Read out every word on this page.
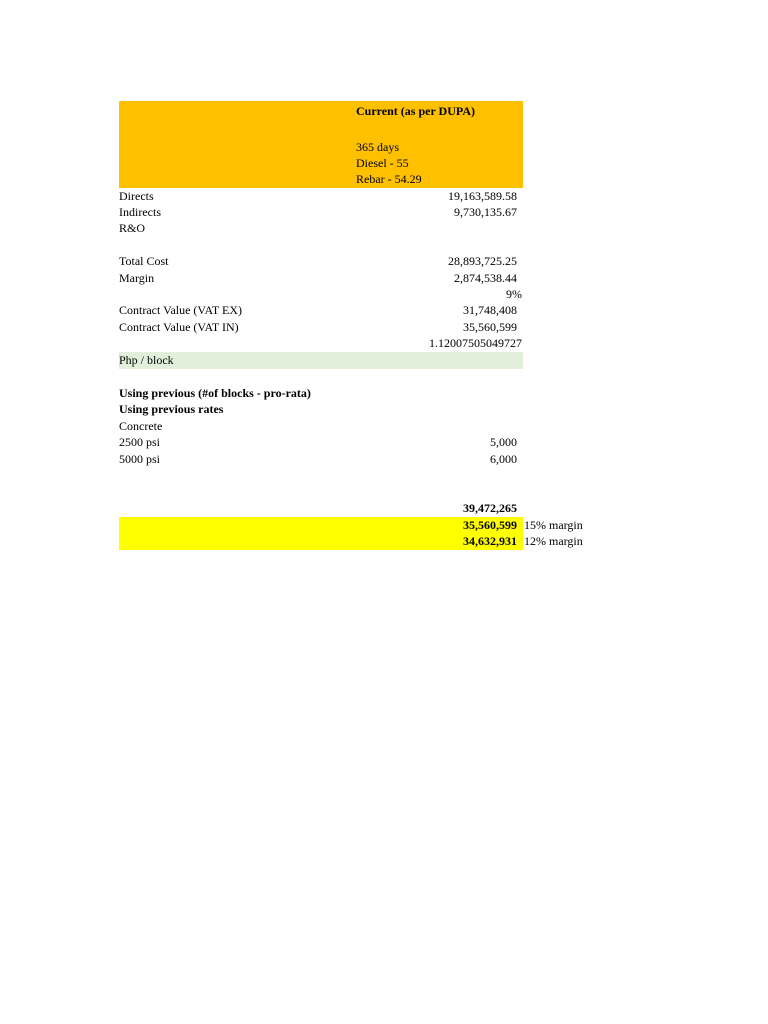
Current (as per DUPA)
365 days
Diesel - 55
Rebar - 54.29
Directs	19,163,589.58
Indirects	9,730,135.67
R&O
Total Cost	28,893,725.25
Margin	2,874,538.44
9%
Contract Value (VAT EX)	31,748,408
Contract Value (VAT IN)	35,560,599
1.12007505049727
Php / block
Using previous (#of blocks - pro-rata)
Using previous rates
Concrete
2500 psi	5,000
5000 psi	6,000
39,472,265
35,560,599 15% margin
34,632,931 12% margin
